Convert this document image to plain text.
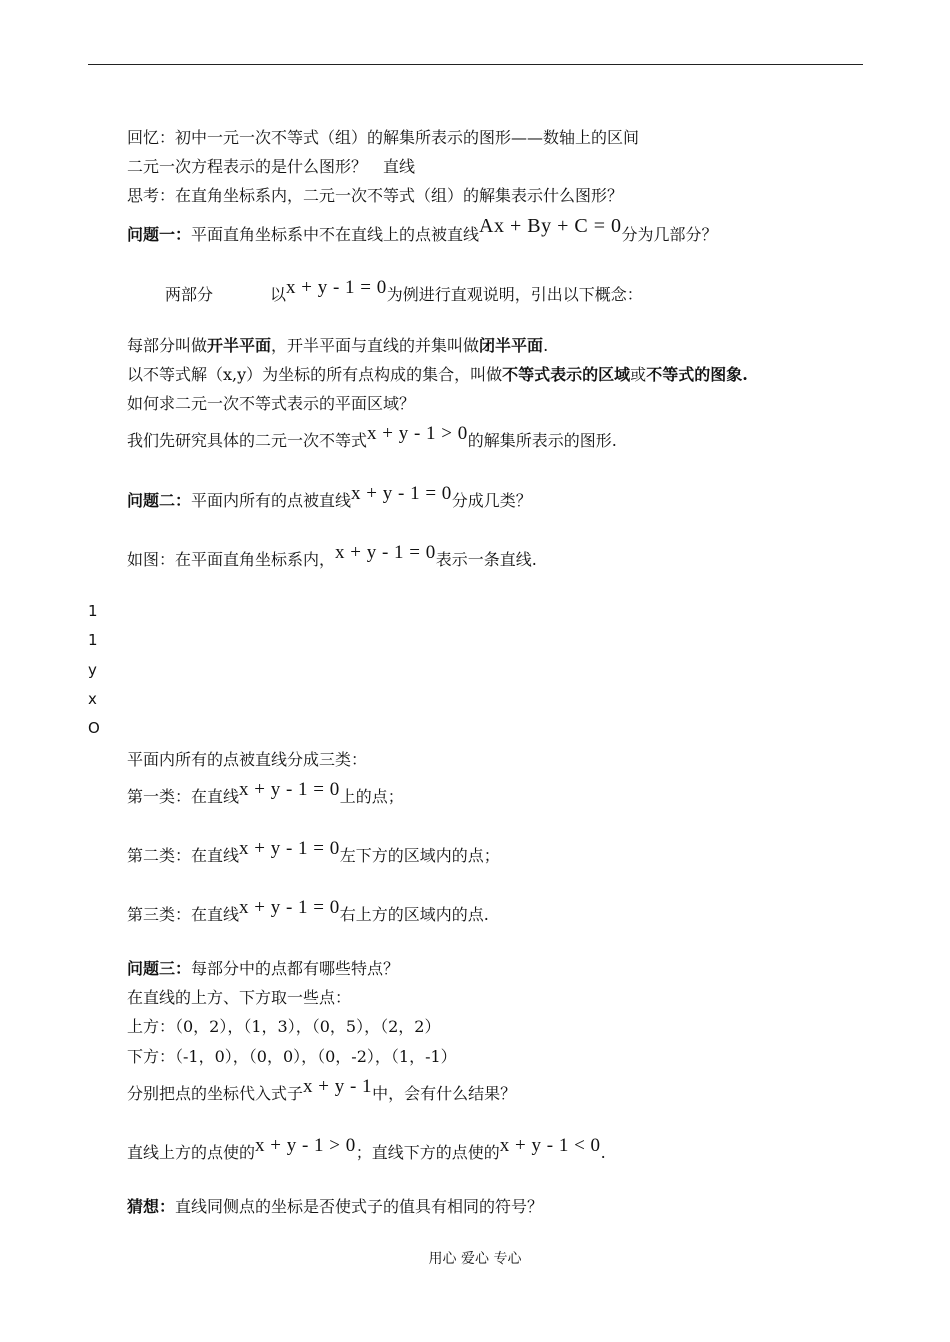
回忆：初中一元一次不等式（组）的解集所表示的图形——数轴上的区间
二元一次方程表示的是什么图形？　直线
思考：在直角坐标系内，二元一次不等式（组）的解集表示什么图形？
问题一：平面直角坐标系中不在直线上的点被直线Ax + By + C = 0分为几部分？
两部分	以x + y - 1 = 0为例进行直观说明，引出以下概念：
每部分叫做开半平面，开半平面与直线的并集叫做闭半平面.
以不等式解（x,y）为坐标的所有点构成的集合，叫做不等式表示的区域或不等式的图象.
如何求二元一次不等式表示的平面区域？
我们先研究具体的二元一次不等式x + y - 1 > 0的解集所表示的图形.
问题二：平面内所有的点被直线x + y - 1 = 0分成几类？
如图：在平面直角坐标系内，x + y - 1 = 0表示一条直线.
1
1
y
x
O
平面内所有的点被直线分成三类：
第一类：在直线x + y - 1 = 0上的点；
第二类：在直线x + y - 1 = 0左下方的区域内的点；
第三类：在直线x + y - 1 = 0右上方的区域内的点.
问题三：每部分中的点都有哪些特点？
在直线的上方、下方取一些点：
上方：（0，2），（1，3），（0，5），（2，2）
下方：（-1，0），（0，0），（0，-2），（1，-1）
分别把点的坐标代入式子x + y - 1中，会有什么结果？
直线上方的点使的x + y - 1 > 0；直线下方的点使的x + y - 1 < 0.
猜想：直线同侧点的坐标是否使式子的值具有相同的符号？
用心 爱心 专心
